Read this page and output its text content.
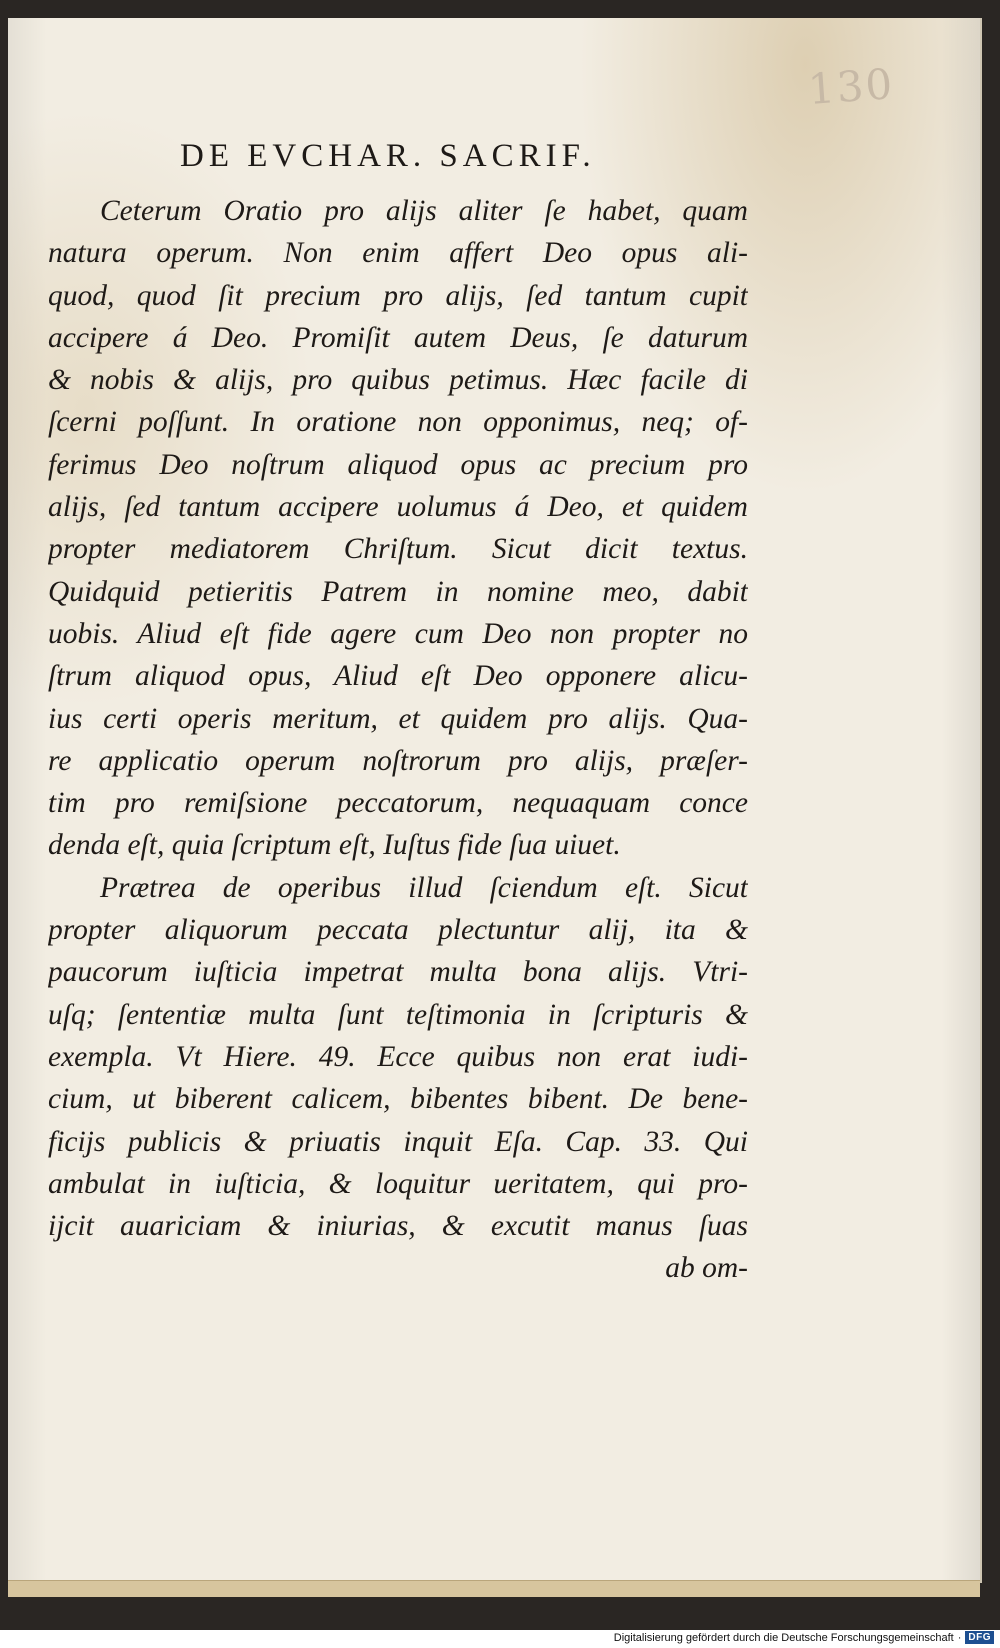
130
DE EVCHAR. SACRIF.
Ceterum Oratio pro alijs aliter ſe habet, quam
natura operum. Non enim affert Deo opus ali-
quod, quod ſit precium pro alijs, ſed tantum cupit
accipere á Deo. Promiſit autem Deus, ſe daturum
& nobis & alijs, pro quibus petimus. Hæc facile di
ſcerni poſſunt. In oratione non opponimus, neq; of-
ferimus Deo noſtrum aliquod opus ac precium pro
alijs, ſed tantum accipere uolumus á Deo, et quidem
propter mediatorem Chriſtum. Sicut dicit textus.
Quidquid petieritis Patrem in nomine meo, dabit
uobis. Aliud eſt fide agere cum Deo non propter no
ſtrum aliquod opus, Aliud eſt Deo opponere alicu-
ius certi operis meritum, et quidem pro alijs. Qua-
re applicatio operum noſtrorum pro alijs, præſer-
tim pro remiſsione peccatorum, nequaquam conce
denda eſt, quia ſcriptum eſt, Iuſtus fide ſua uiuet.
Prætrea de operibus illud ſciendum eſt. Sicut
propter aliquorum peccata plectuntur alij, ita &
paucorum iuſticia impetrat multa bona alijs. Vtri-
uſq; ſententiæ multa ſunt teſtimonia in ſcripturis &
exempla. Vt Hiere. 49. Ecce quibus non erat iudi-
cium, ut biberent calicem, bibentes bibent. De bene-
ficijs publicis & priuatis inquit Eſa. Cap. 33. Qui
ambulat in iuſticia, & loquitur ueritatem, qui pro-
ijcit auariciam & iniurias, & excutit manus ſuas
ab om-
Digitalisierung gefördert durch die Deutsche Forschungsgemeinschaft · DFG
